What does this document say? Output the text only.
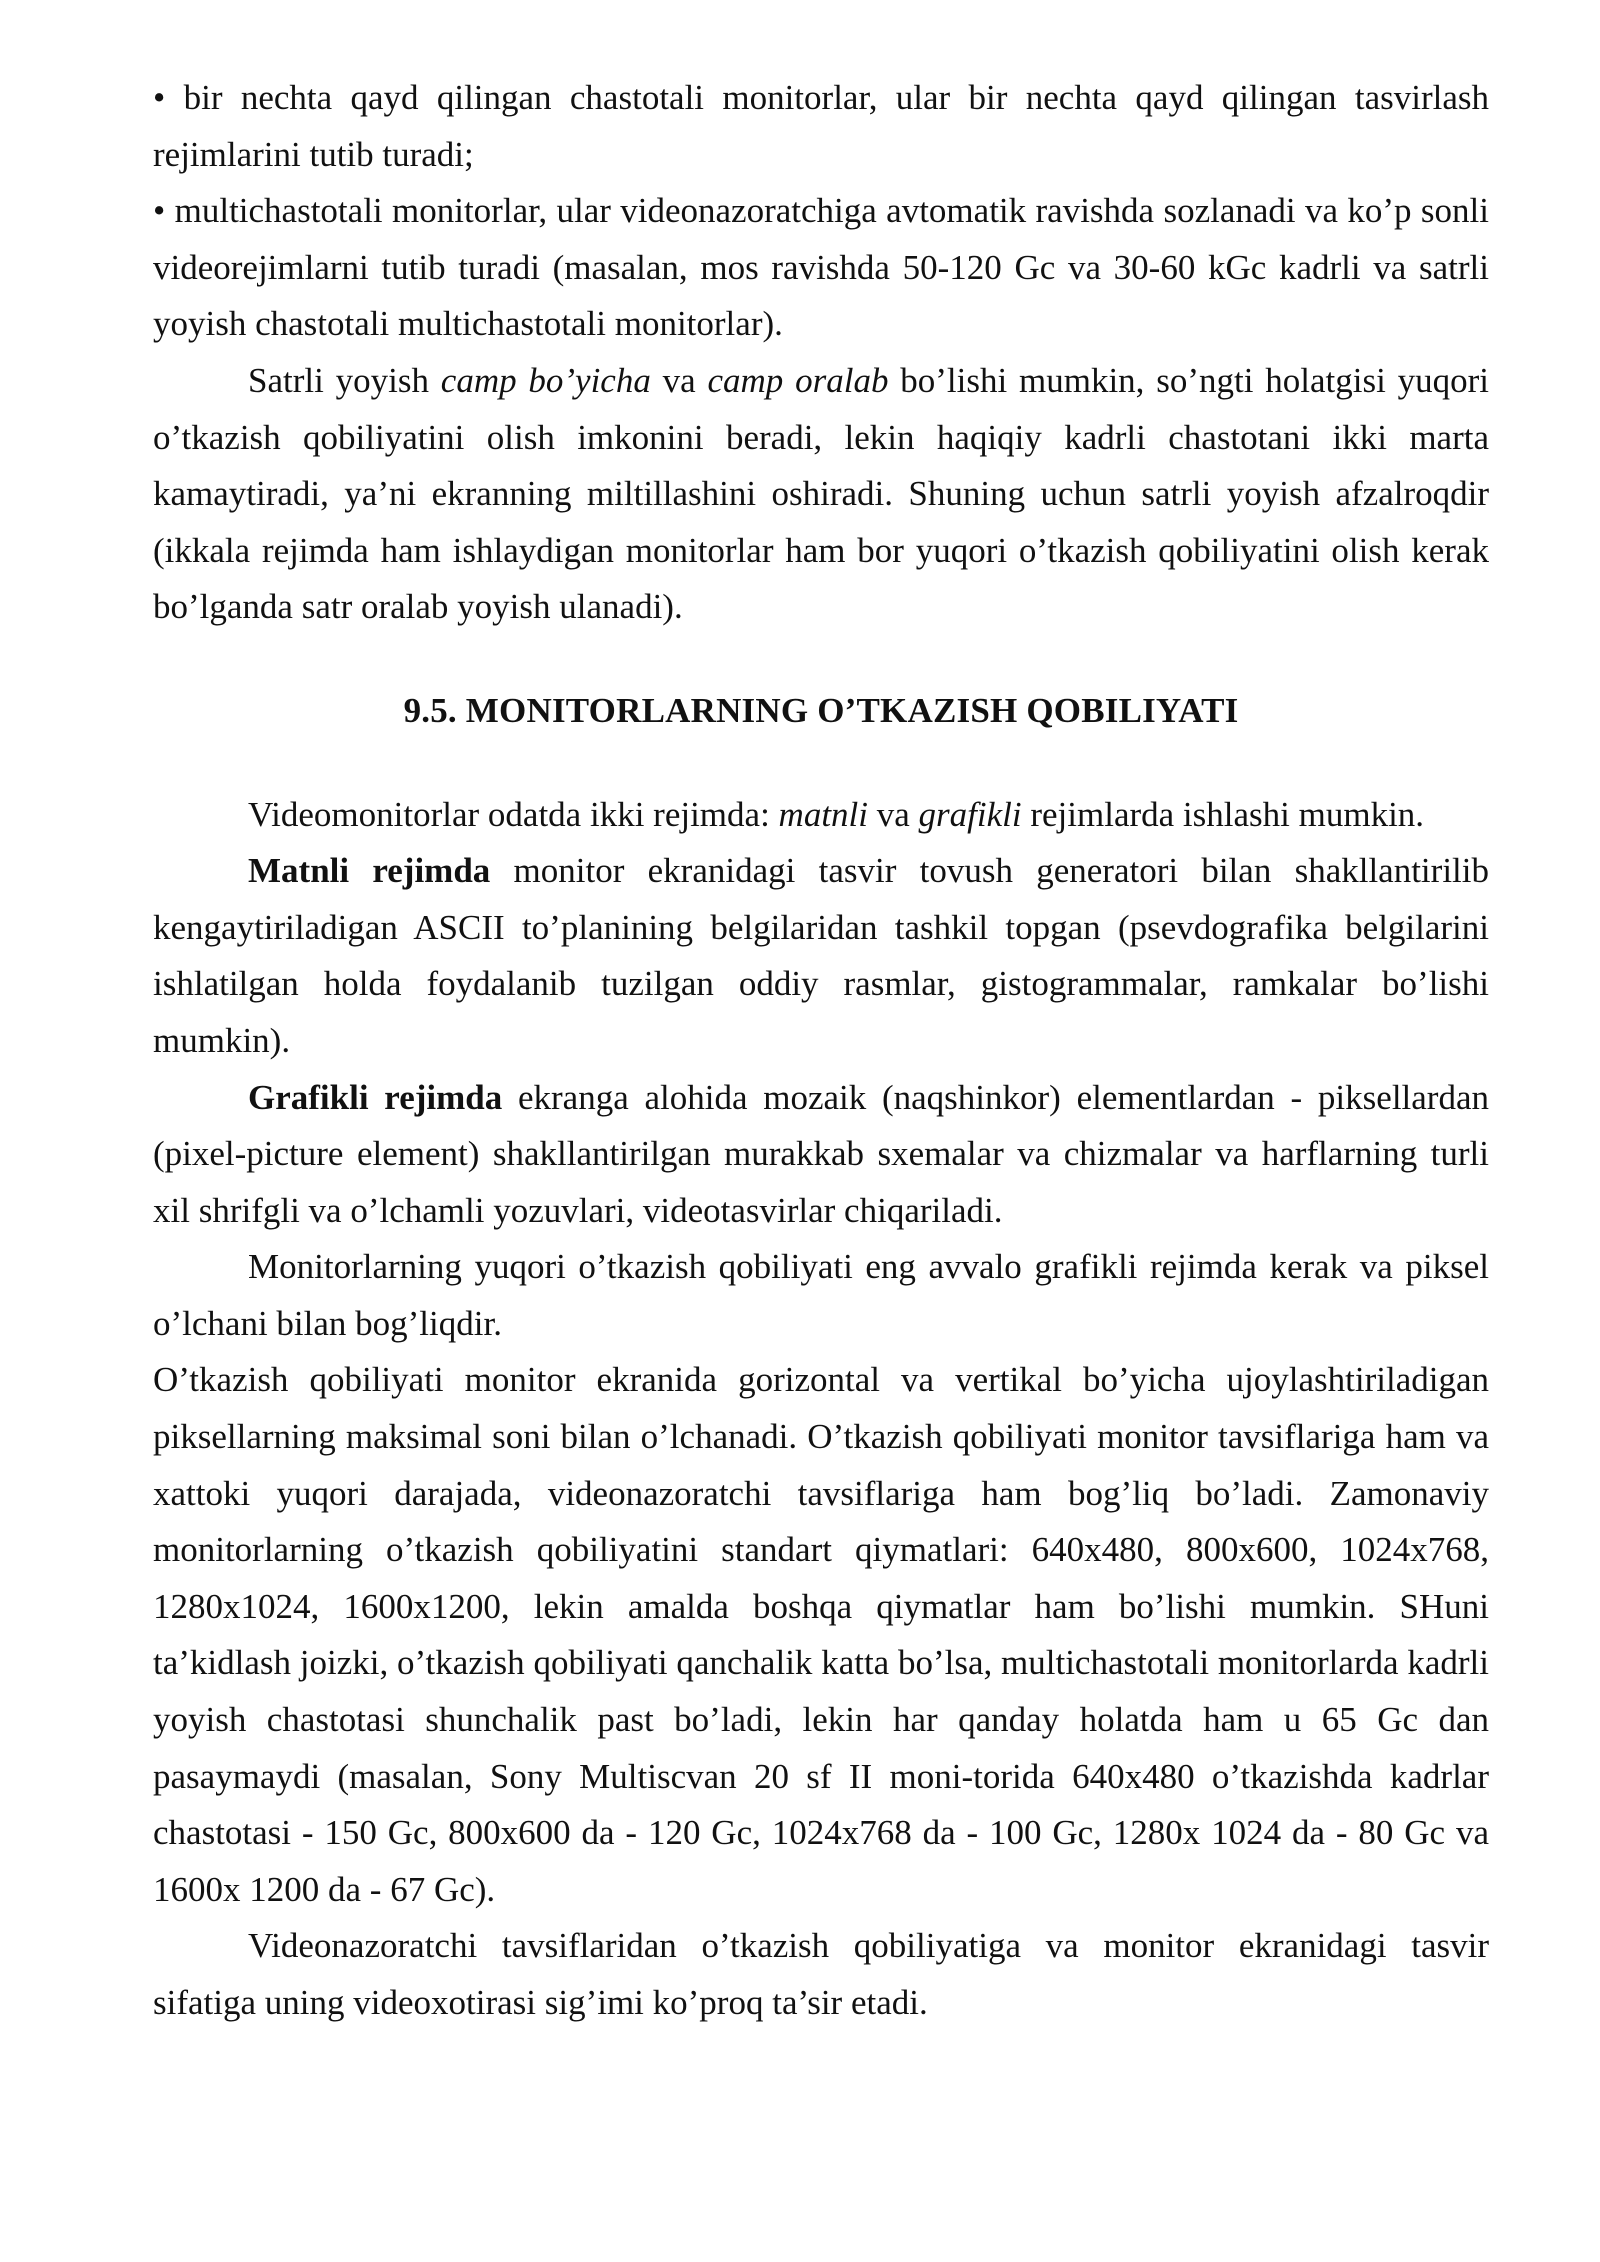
• bir nechta qayd qilingan chastotali monitorlar, ular bir nechta qayd qilingan tasvirlash rejimlarini tutib turadi;

• multichastotali monitorlar, ular videonazoratchiga avtomatik ravishda sozlanadi va ko’p sonli videorejimlarni tutib turadi (masalan, mos ravishda 50-120 Gc va 30-60 kGc kadrli va satrli yoyish chastotali multichastotali monitorlar).

Satrli yoyish camp bo’yicha va camp oralab bo’lishi mumkin, so’ngti holatgisi yuqori o’tkazish qobiliyatini olish imkonini beradi, lekin haqiqiy kadrli chastotani ikki marta kamaytiradi, ya’ni ekranning miltillashini oshiradi. Shuning uchun satrli yoyish afzalroqdir (ikkala rejimda ham ishlaydigan monitorlar ham bor yuqori o’tkazish qobiliyatini olish kerak bo’lganda satr oralab yoyish ulanadi).

9.5. MONITORLARNING O’TKAZISH QOBILIYATI

Videomonitorlar odatda ikki rejimda: matnli va grafikli rejimlarda ishlashi mumkin.

Matnli rejimda monitor ekranidagi tasvir tovush generatori bilan shakllantirilib kengaytiriladigan ASCII to’planining belgilaridan tashkil topgan (psevdografika belgilarini ishlatilgan holda foydalanib tuzilgan oddiy rasmlar, gistogrammalar, ramkalar bo’lishi mumkin).

Grafikli rejimda ekranga alohida mozaik (naqshinkor) elementlardan - piksellardan (pixel-picture element) shakllantirilgan murakkab sxemalar va chizmalar va harflarning turli xil shrifgli va o’lchamli yozuvlari, videotasvirlar chiqariladi.

Monitorlarning yuqori o’tkazish qobiliyati eng avvalo grafikli rejimda kerak va piksel o’lchani bilan bog’liqdir.

O’tkazish qobiliyati monitor ekranida gorizontal va vertikal bo’yicha ujoylashtiriladigan piksellarning maksimal soni bilan o’lchanadi. O’tkazish qobiliyati monitor tavsiflariga ham va xattoki yuqori darajada, videonazoratchi tavsiflariga ham bog’liq bo’ladi. Zamonaviy monitorlarning o’tkazish qobiliyatini standart qiymatlari: 640x480, 800x600, 1024x768, 1280x1024, 1600x1200, lekin amalda boshqa qiymatlar ham bo’lishi mumkin. SHuni ta’kidlash joizki, o’tkazish qobiliyati qanchalik katta bo’lsa, multichastotali monitorlarda kadrli yoyish chastotasi shunchalik past bo’ladi, lekin har qanday holatda ham u 65 Gc dan pasaymaydi (masalan, Sony Multiscvan 20 sf II moni-torida 640x480 o’tkazishda kadrlar chastotasi - 150 Gc, 800x600 da - 120 Gc, 1024x768 da - 100 Gc, 1280x 1024 da - 80 Gc va 1600x 1200 da - 67 Gc).

Videonazoratchi tavsiflaridan o’tkazish qobiliyatiga va monitor ekranidagi tasvir sifatiga uning videoxotirasi sig’imi ko’proq ta’sir etadi.
